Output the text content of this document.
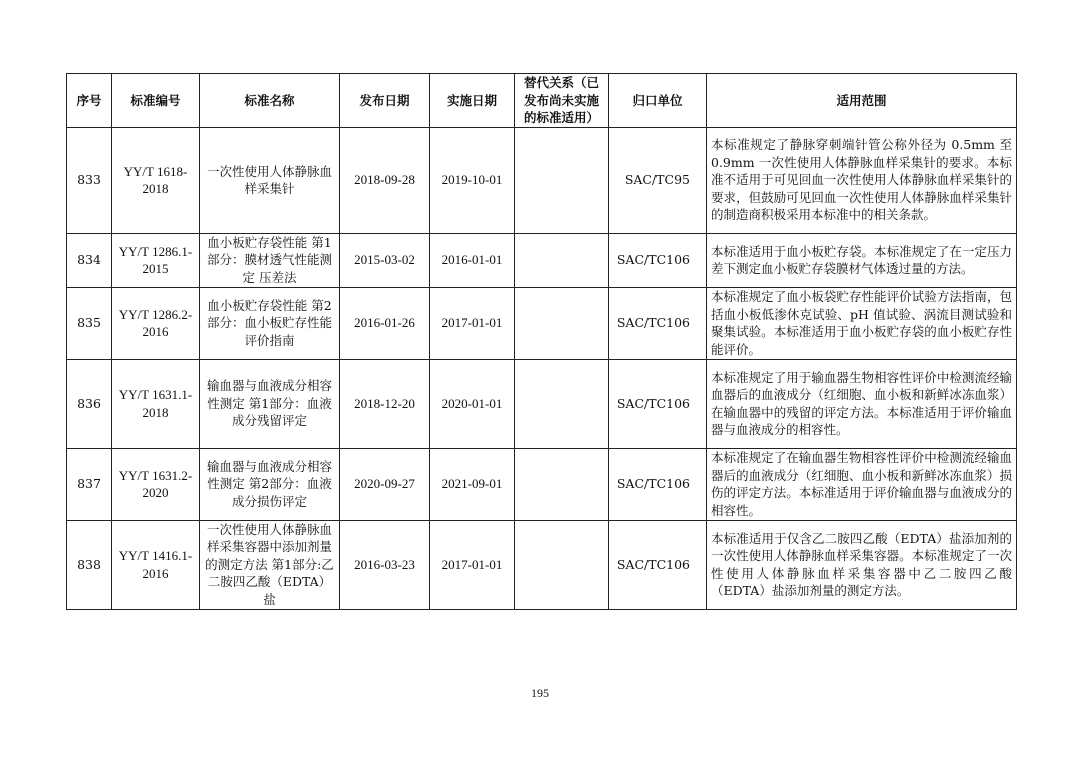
序号	标准编号	标准名称	发布日期	实施日期	替代关系（已发布尚未实施的标准适用）	归口单位	适用范围
833	YY/T 1618-2018	一次性使用人体静脉血样采集针	2018-09-28	2019-10-01		SAC/TC95	本标准规定了静脉穿刺端针管公称外径为 0.5mm 至 0.9mm 一次性使用人体静脉血样采集针的要求。本标准不适用于可见回血一次性使用人体静脉血样采集针的要求，但鼓励可见回血一次性使用人体静脉血样采集针的制造商积极采用本标准中的相关条款。
834	YY/T 1286.1-2015	血小板贮存袋性能 第1部分：膜材透气性能测定 压差法	2015-03-02	2016-01-01		SAC/TC106	本标准适用于血小板贮存袋。本标准规定了在一定压力差下测定血小板贮存袋膜材气体透过量的方法。
835	YY/T 1286.2-2016	血小板贮存袋性能 第2部分：血小板贮存性能评价指南	2016-01-26	2017-01-01		SAC/TC106	本标准规定了血小板袋贮存性能评价试验方法指南，包括血小板低渗休克试验、pH 值试验、涡流目测试验和聚集试验。本标准适用于血小板贮存袋的血小板贮存性能评价。
836	YY/T 1631.1-2018	输血器与血液成分相容性测定 第1部分：血液成分残留评定	2018-12-20	2020-01-01		SAC/TC106	本标准规定了用于输血器生物相容性评价中检测流经输血器后的血液成分（红细胞、血小板和新鲜冰冻血浆）在输血器中的残留的评定方法。本标准适用于评价输血器与血液成分的相容性。
837	YY/T 1631.2-2020	输血器与血液成分相容性测定 第2部分：血液成分损伤评定	2020-09-27	2021-09-01		SAC/TC106	本标准规定了在输血器生物相容性评价中检测流经输血器后的血液成分（红细胞、血小板和新鲜冰冻血浆）损伤的评定方法。本标准适用于评价输血器与血液成分的相容性。
838	YY/T 1416.1-2016	一次性使用人体静脉血样采集容器中添加剂量的测定方法 第1部分:乙二胺四乙酸（EDTA）盐	2016-03-23	2017-01-01		SAC/TC106	本标准适用于仅含乙二胺四乙酸（EDTA）盐添加剂的一次性使用人体静脉血样采集容器。本标准规定了一次性使用人体静脉血样采集容器中乙二胺四乙酸（EDTA）盐添加剂量的测定方法。
195
